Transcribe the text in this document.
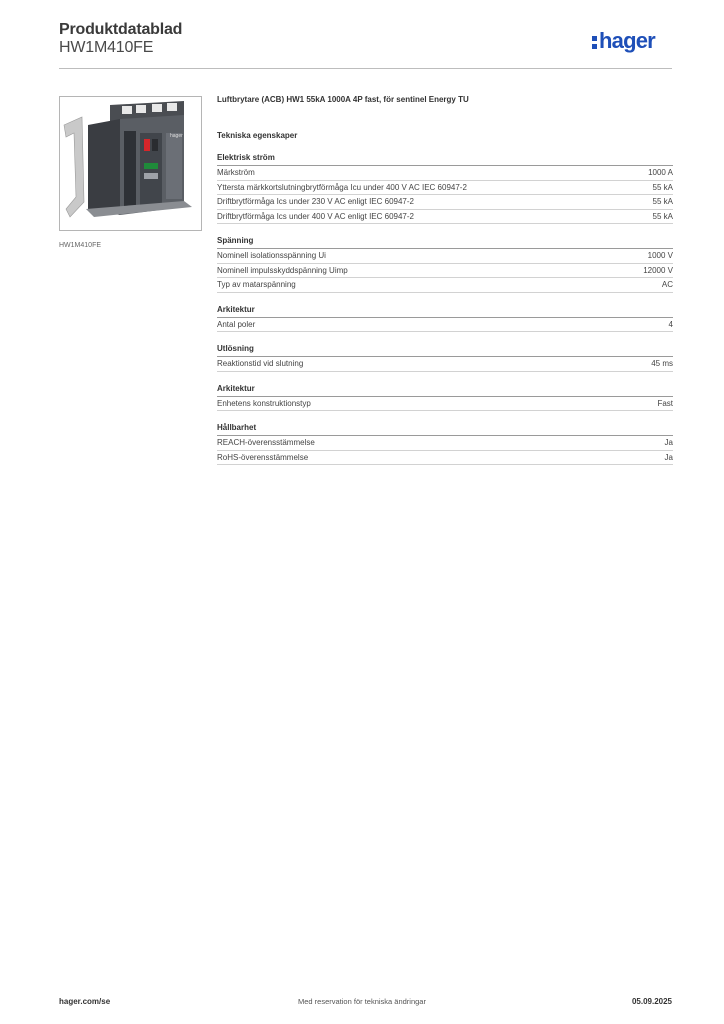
Produktdatablad
HW1M410FE	hager
hager
HW1M410FE
Luftbrytare (ACB) HW1 55kA 1000A 4P fast, för sentinel Energy TU
Tekniska egenskaper
Elektrisk ström
Märkström	1000 A
Yttersta märkkortslutningbrytförmåga Icu under 400 V AC IEC 60947-2	55 kA
Driftbrytförmåga Ics under 230 V AC enligt IEC 60947-2	55 kA
Driftbrytförmåga Ics under 400 V AC enligt IEC 60947-2	55 kA
Spänning
Nominell isolationsspänning Ui	1000 V
Nominell impulsskyddspänning Uimp	12000 V
Typ av matarspänning	AC
Arkitektur
Antal poler	4
Utlösning
Reaktionstid vid slutning	45 ms
Arkitektur
Enhetens konstruktionstyp	Fast
Hållbarhet
REACH-överensstämmelse	Ja
RoHS-överensstämmelse	Ja
hager.com/se	Med reservation för tekniska ändringar	05.09.2025
